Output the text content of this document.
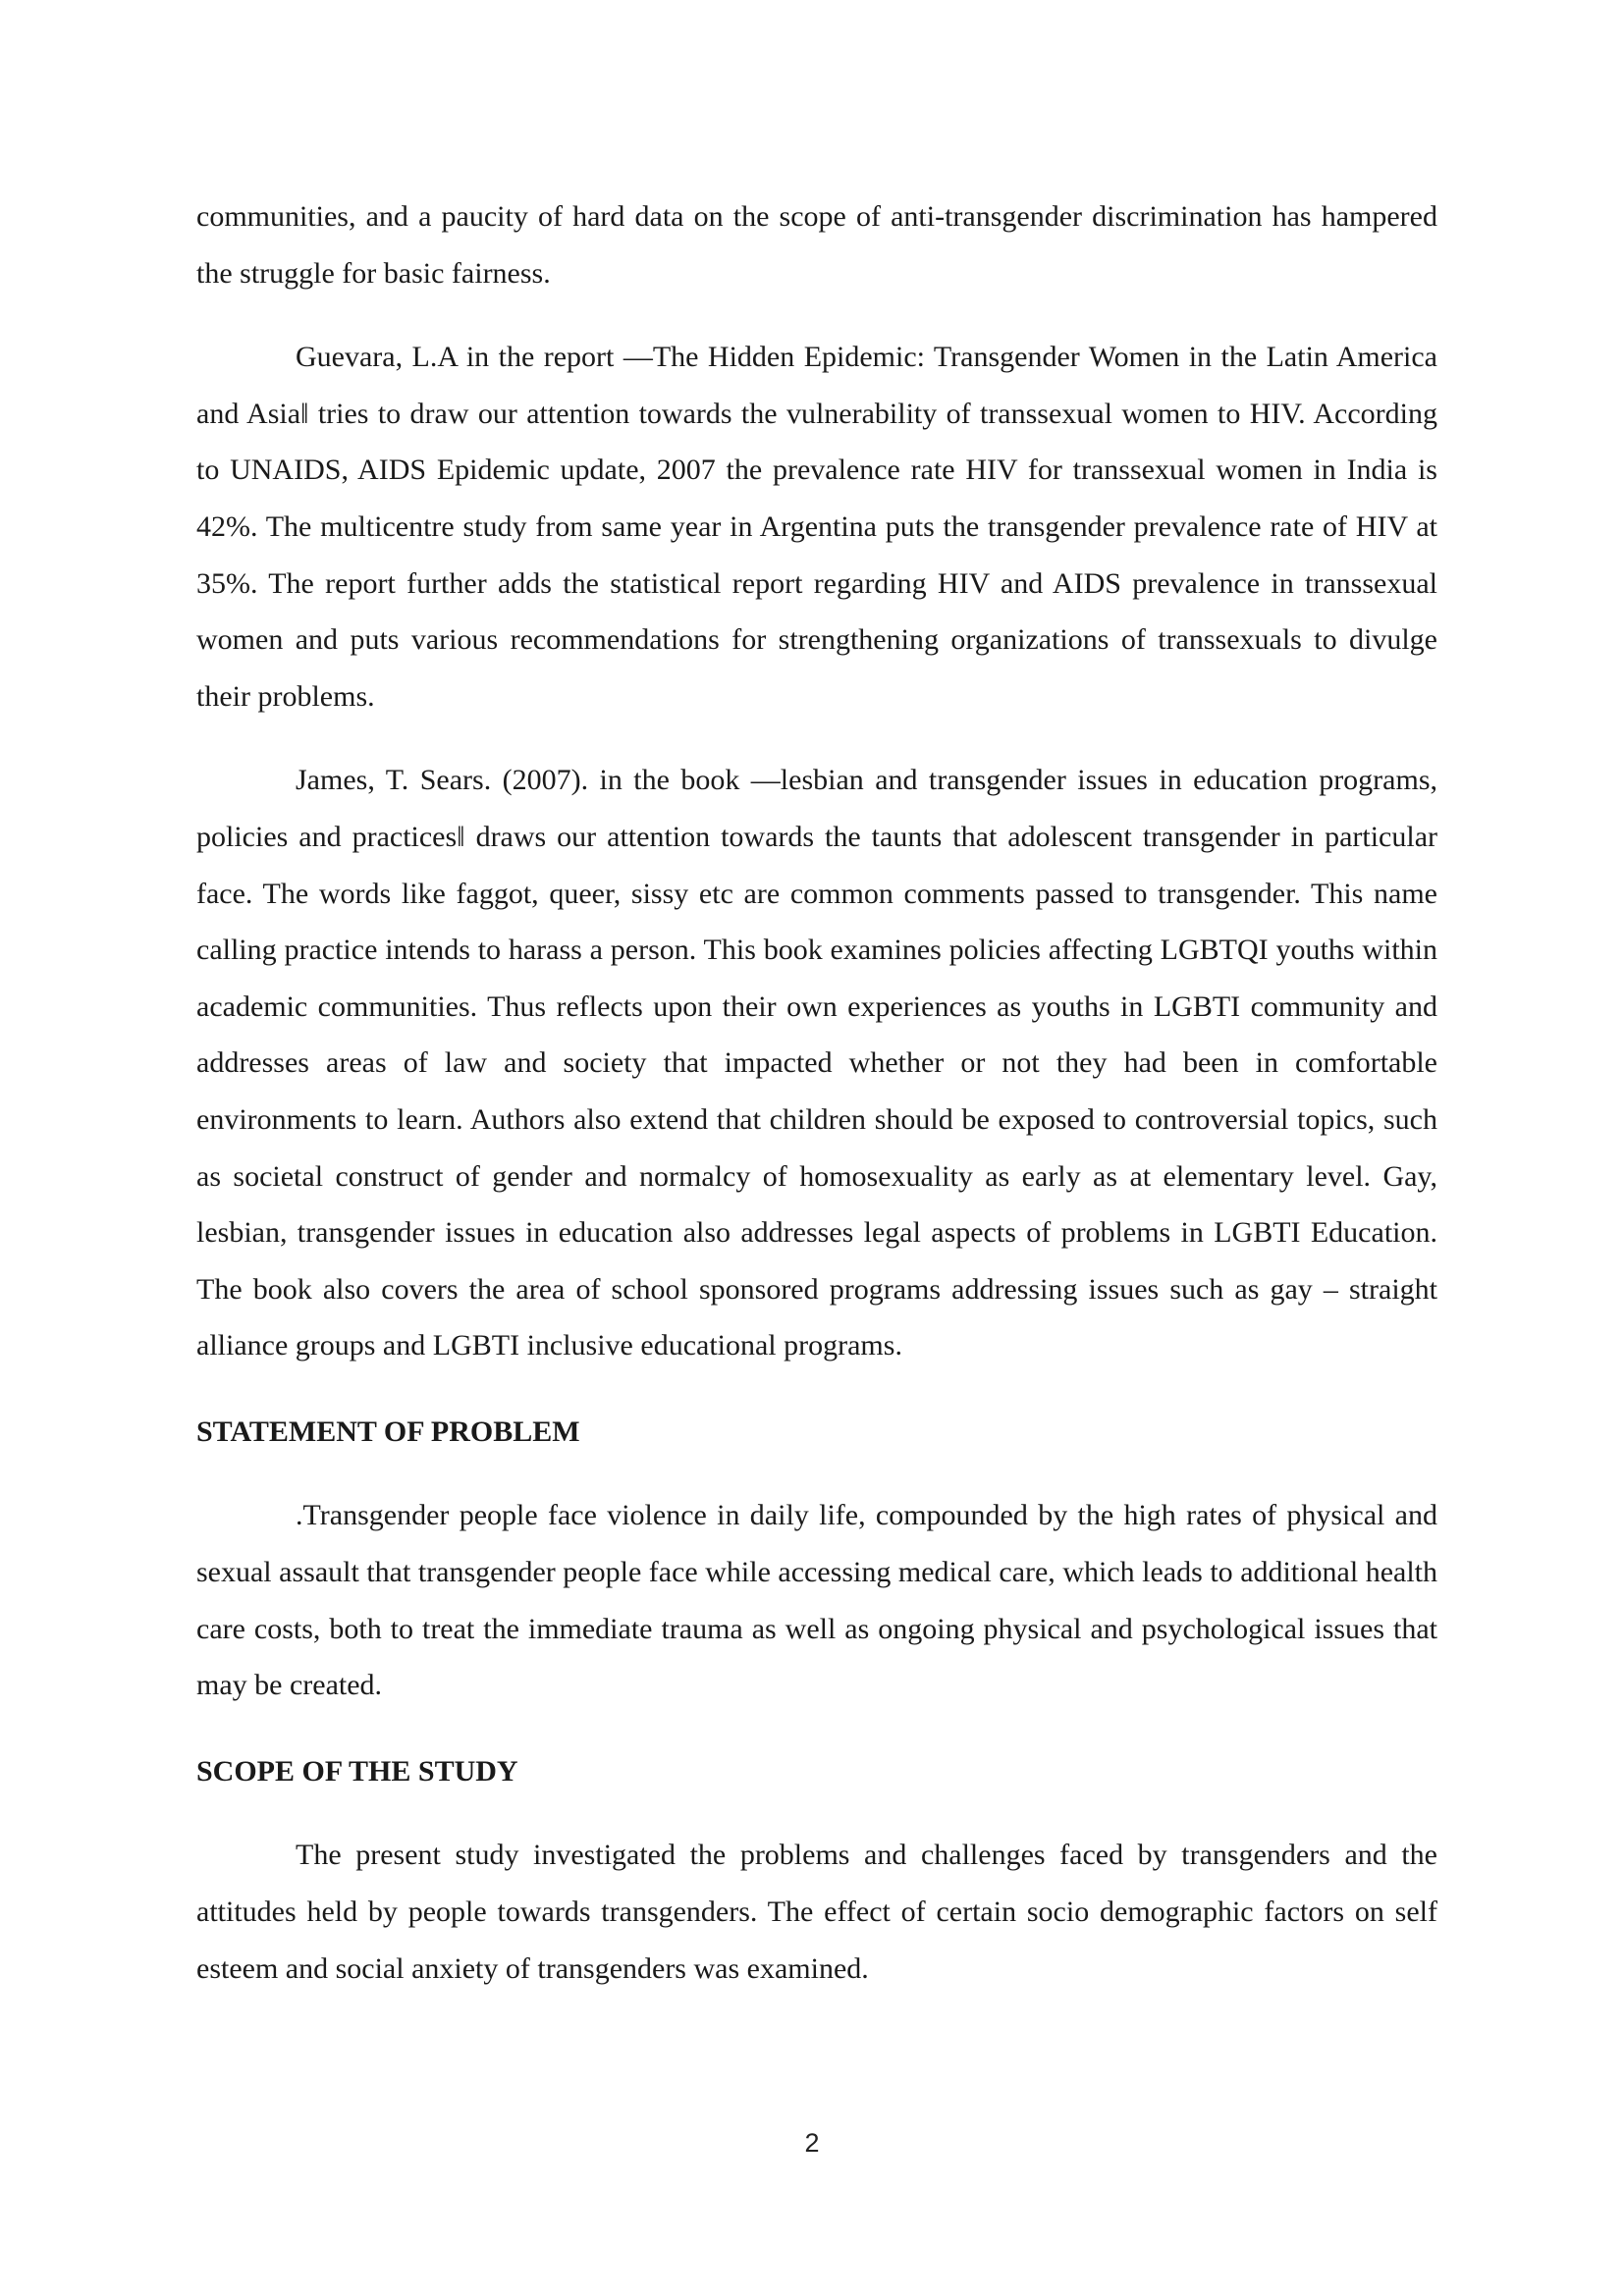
communities, and a paucity of hard data on the scope of anti-transgender discrimination has hampered the struggle for basic fairness.

Guevara, L.A in the report —The Hidden Epidemic: Transgender Women in the Latin America and Asia‖ tries to draw our attention towards the vulnerability of transsexual women to HIV. According to UNAIDS, AIDS Epidemic update, 2007 the prevalence rate HIV for transsexual women in India is 42%. The multicentre study from same year in Argentina puts the transgender prevalence rate of HIV at 35%. The report further adds the statistical report regarding HIV and AIDS prevalence in transsexual women and puts various recommendations for strengthening organizations of transsexuals to divulge their problems.

James, T. Sears. (2007). in the book —lesbian and transgender issues in education programs, policies and practices‖ draws our attention towards the taunts that adolescent transgender in particular face. The words like faggot, queer, sissy etc are common comments passed to transgender. This name calling practice intends to harass a person. This book examines policies affecting LGBTQI youths within academic communities. Thus reflects upon their own experiences as youths in LGBTI community and addresses areas of law and society that impacted whether or not they had been in comfortable environments to learn. Authors also extend that children should be exposed to controversial topics, such as societal construct of gender and normalcy of homosexuality as early as at elementary level. Gay, lesbian, transgender issues in education also addresses legal aspects of problems in LGBTI Education. The book also covers the area of school sponsored programs addressing issues such as gay – straight alliance groups and LGBTI inclusive educational programs.

STATEMENT OF PROBLEM

.Transgender people face violence in daily life, compounded by the high rates of physical and sexual assault that transgender people face while accessing medical care, which leads to additional health care costs, both to treat the immediate trauma as well as ongoing physical and psychological issues that may be created.

SCOPE OF THE STUDY

The present study investigated the problems and challenges faced by transgenders and the attitudes held by people towards transgenders. The effect of certain socio demographic factors on self esteem and social anxiety of transgenders was examined.

2
